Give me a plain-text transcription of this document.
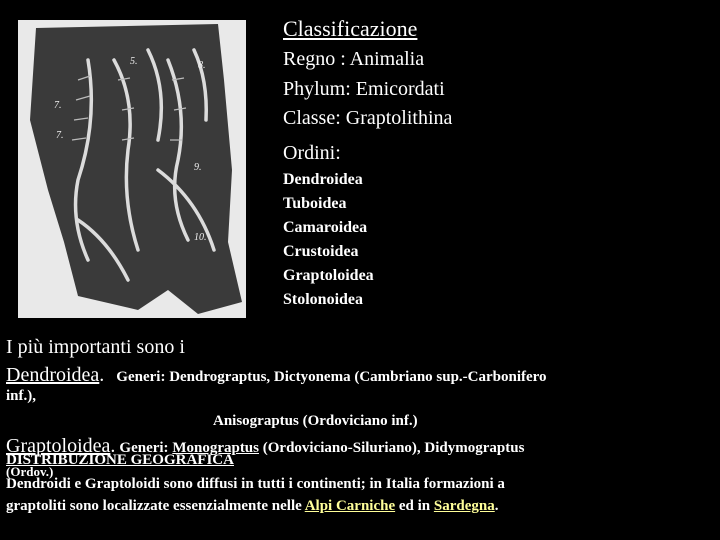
5.	8.
9.
7.
7.
10.
Classificazione
Regno : Animalia
Phylum: Emicordati
Classe: Graptolithina
Ordini:
Dendroidea
Tuboidea
Camaroidea
Crustoidea
Graptoloidea
Stolonoidea
I più importanti sono i
Dendroidea. Generi: Dendrograptus, Dictyonema (Cambriano sup.-Carbonifero
inf.),
Anisograptus (Ordoviciano inf.)
Graptoloidea. Generi: Monograptus (Ordoviciano-Siluriano), Didymograptus
DISTRIBUZIONE GEOGRAFICA
(Ordov.)
Dendroidi e Graptoloidi sono diffusi in tutti i continenti; in Italia formazioni a
graptoliti sono localizzate essenzialmente nelle Alpi Carniche ed in Sardegna.
